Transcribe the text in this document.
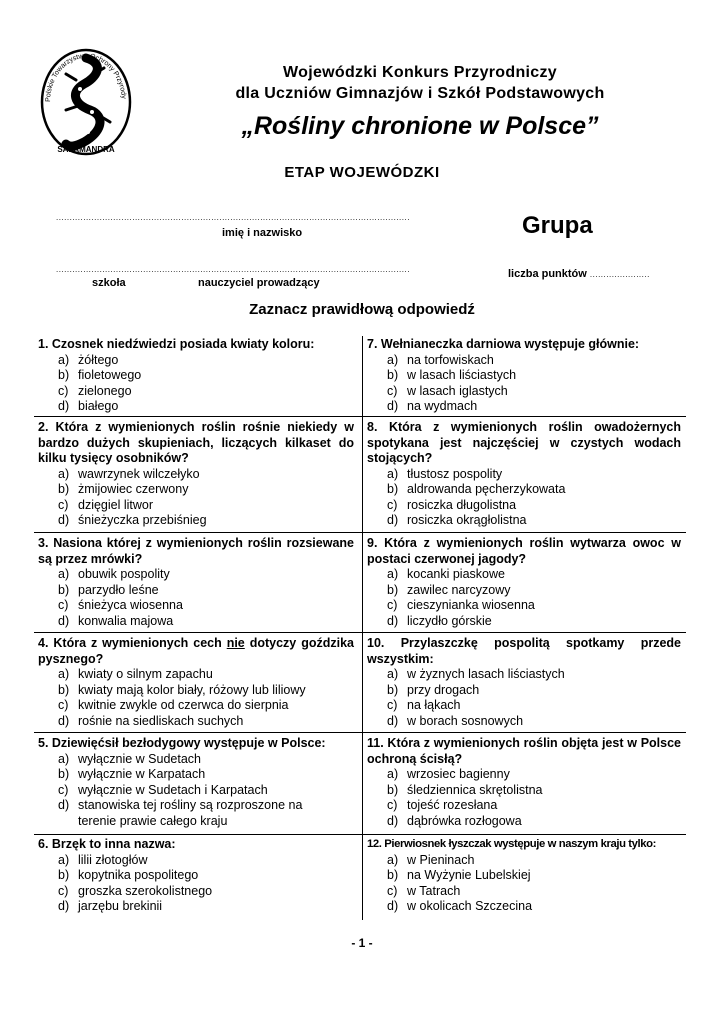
Polskie Towarzystwo Ochrony Przyrody
SALAMANDRA
Wojewódzki Konkurs Przyrodniczy
dla Uczniów Gimnazjów i Szkół Podstawowych
„Rośliny chronione w Polsce”
ETAP WOJEWÓDZKI
..................................................................................................................................
imię i nazwisko	Grupa
..................................................................................................................................
szkoła	nauczyciel prowadzący
liczba punktów ......................
Zaznacz prawidłową odpowiedź
1. Czosnek niedźwiedzi posiada kwiaty koloru:
a) żółtego
b) fioletowego
c) zielonego
d) białego
2. Która z wymienionych roślin rośnie niekiedy w bardzo dużych skupieniach, liczących kilkaset do kilku tysięcy osobników?
a) wawrzynek wilczełyko
b) żmijowiec czerwony
c) dzięgiel litwor
d) śnieżyczka przebiśnieg
3. Nasiona której z wymienionych roślin rozsiewane są przez mrówki?
a) obuwik pospolity
b) parzydło leśne
c) śnieżyca wiosenna
d) konwalia majowa
4. Która z wymienionych cech nie dotyczy goździka pysznego?
a) kwiaty o silnym zapachu
b) kwiaty mają kolor biały, różowy lub liliowy
c) kwitnie zwykle od czerwca do sierpnia
d) rośnie na siedliskach suchych
5. Dziewięćsił bezłodygowy występuje w Polsce:
a) wyłącznie w Sudetach
b) wyłącznie w Karpatach
c) wyłącznie w Sudetach i Karpatach
d) stanowiska tej rośliny są rozproszone na
terenie prawie całego kraju
6. Brzęk to inna nazwa:
a) lilii złotogłów
b) kopytnika pospolitego
c) groszka szerokolistnego
d) jarzębu brekinii
7. Wełnianeczka darniowa występuje głównie:
a) na torfowiskach
b) w lasach liściastych
c) w lasach iglastych
d) na wydmach
8. Która z wymienionych roślin owadożernych spotykana jest najczęściej w czystych wodach stojących?
a) tłustosz pospolity
b) aldrowanda pęcherzykowata
c) rosiczka długolistna
d) rosiczka okrągłolistna
9. Która z wymienionych roślin wytwarza owoc w postaci czerwonej jagody?
a) kocanki piaskowe
b) zawilec narcyzowy
c) cieszynianka wiosenna
d) liczydło górskie
10. Przylaszczkę pospolitą spotkamy przede wszystkim:
a) w żyznych lasach liściastych
b) przy drogach
c) na łąkach
d) w borach sosnowych
11. Która z wymienionych roślin objęta jest w Polsce ochroną ścisłą?
a) wrzosiec bagienny
b) śledziennica skrętolistna
c) tojeść rozesłana
d) dąbrówka rozłogowa
12. Pierwiosnek łyszczak występuje w naszym kraju tylko:
a) w Pieninach
b) na Wyżynie Lubelskiej
c) w Tatrach
d) w okolicach Szczecina
- 1 -
